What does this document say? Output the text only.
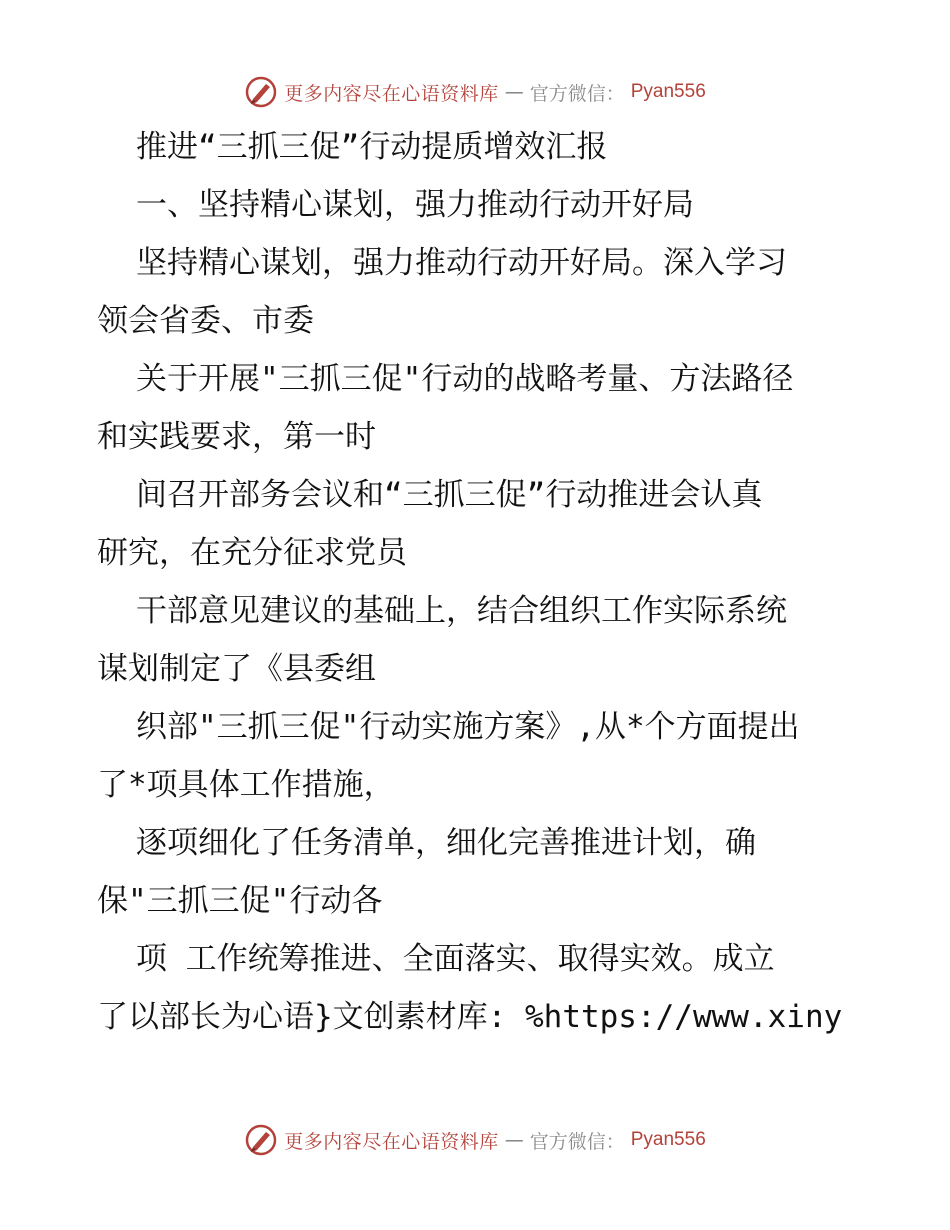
更多内容尽在心语资料库 — 官方微信： Pyan556
推进“三抓三促”行动提质增效汇报
一、坚持精心谋划，强力推动行动开好局
坚持精心谋划，强力推动行动开好局。深入学习
领会省委、市委
关于开展"三抓三促"行动的战略考量、方法路径
和实践要求，第一时
间召开部务会议和“三抓三促”行动推进会认真
研究，在充分征求党员
干部意见建议的基础上，结合组织工作实际系统
谋划制定了《县委组
织部"三抓三促"行动实施方案》,从*个方面提出
了*项具体工作措施，
逐项细化了任务清单，细化完善推进计划，确
保"三抓三促"行动各
项 工作统筹推进、全面落实、取得实效。成立
了以部长为心语}文创素材库: %https://www.xiny
更多内容尽在心语资料库 — 官方微信： Pyan556
